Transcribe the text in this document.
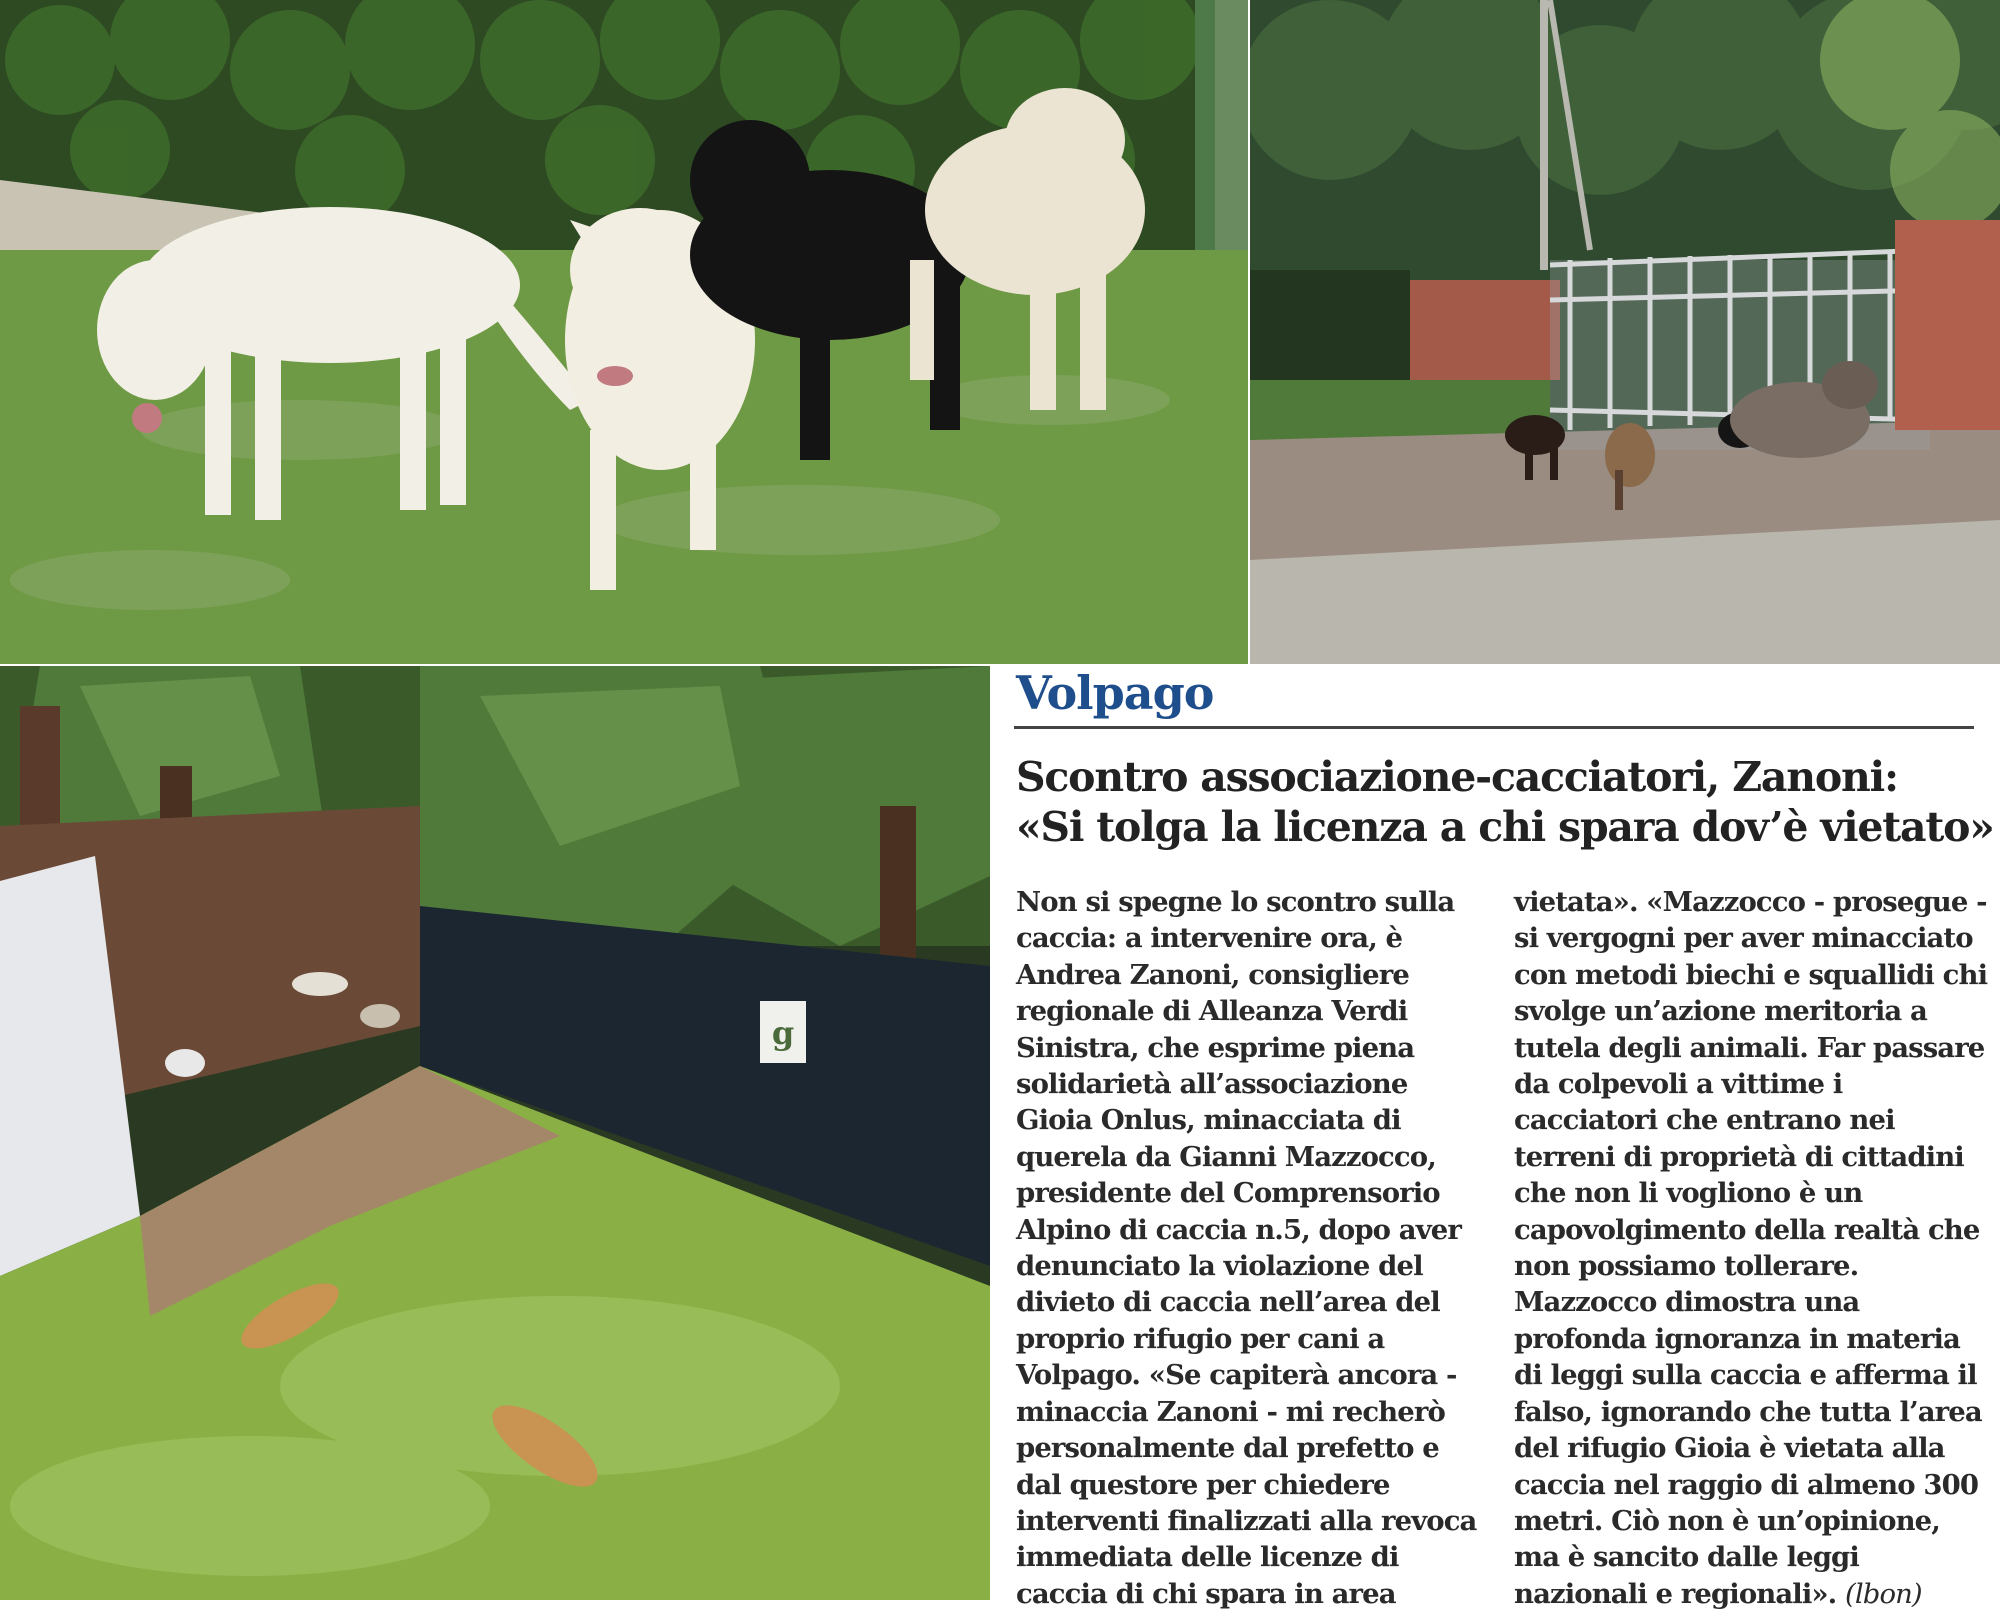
g
Volpago
Scontro associazione-cacciatori, Zanoni:
«Si tolga la licenza a chi spara dov’è vietato»
Non si spegne lo scontro sulla
caccia: a intervenire ora, è
Andrea Zanoni, consigliere
regionale di Alleanza Verdi
Sinistra, che esprime piena
solidarietà all’associazione
Gioia Onlus, minacciata di
querela da Gianni Mazzocco,
presidente del Comprensorio
Alpino di caccia n.5, dopo aver
denunciato la violazione del
divieto di caccia nell’area del
proprio rifugio per cani a
Volpago. «Se capiterà ancora -
minaccia Zanoni - mi recherò
personalmente dal prefetto e
dal questore per chiedere
interventi finalizzati alla revoca
immediata delle licenze di
caccia di chi spara in area
vietata». «Mazzocco - prosegue -
si vergogni per aver minacciato
con metodi biechi e squallidi chi
svolge un’azione meritoria a
tutela degli animali. Far passare
da colpevoli a vittime i
cacciatori che entrano nei
terreni di proprietà di cittadini
che non li vogliono è un
capovolgimento della realtà che
non possiamo tollerare.
Mazzocco dimostra una
profonda ignoranza in materia
di leggi sulla caccia e afferma il
falso, ignorando che tutta l’area
del rifugio Gioia è vietata alla
caccia nel raggio di almeno 300
metri. Ciò non è un’opinione,
ma è sancito dalle leggi
nazionali e regionali». (lbon)
